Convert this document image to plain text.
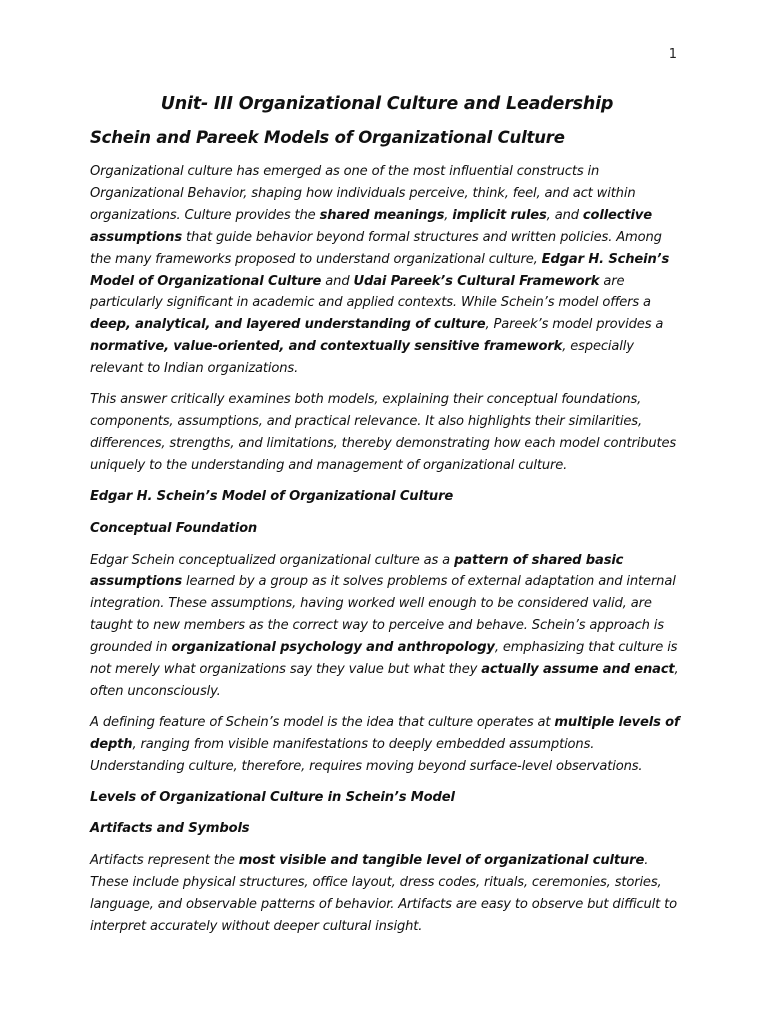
1
Unit- III Organizational Culture and Leadership
Schein and Pareek Models of Organizational Culture

Organizational culture has emerged as one of the most influential constructs in Organizational Behavior, shaping how individuals perceive, think, feel, and act within organizations. Culture provides the shared meanings, implicit rules, and collective assumptions that guide behavior beyond formal structures and written policies. Among the many frameworks proposed to understand organizational culture, Edgar H. Schein’s Model of Organizational Culture and Udai Pareek’s Cultural Framework are particularly significant in academic and applied contexts. While Schein’s model offers a deep, analytical, and layered understanding of culture, Pareek’s model provides a normative, value-oriented, and contextually sensitive framework, especially relevant to Indian organizations.

This answer critically examines both models, explaining their conceptual foundations, components, assumptions, and practical relevance. It also highlights their similarities, differences, strengths, and limitations, thereby demonstrating how each model contributes uniquely to the understanding and management of organizational culture.

Edgar H. Schein’s Model of Organizational Culture
Conceptual Foundation

Edgar Schein conceptualized organizational culture as a pattern of shared basic assumptions learned by a group as it solves problems of external adaptation and internal integration. These assumptions, having worked well enough to be considered valid, are taught to new members as the correct way to perceive and behave. Schein’s approach is grounded in organizational psychology and anthropology, emphasizing that culture is not merely what organizations say they value but what they actually assume and enact, often unconsciously.

A defining feature of Schein’s model is the idea that culture operates at multiple levels of depth, ranging from visible manifestations to deeply embedded assumptions. Understanding culture, therefore, requires moving beyond surface-level observations.

Levels of Organizational Culture in Schein’s Model
Artifacts and Symbols

Artifacts represent the most visible and tangible level of organizational culture. These include physical structures, office layout, dress codes, rituals, ceremonies, stories, language, and observable patterns of behavior. Artifacts are easy to observe but difficult to interpret accurately without deeper cultural insight.
